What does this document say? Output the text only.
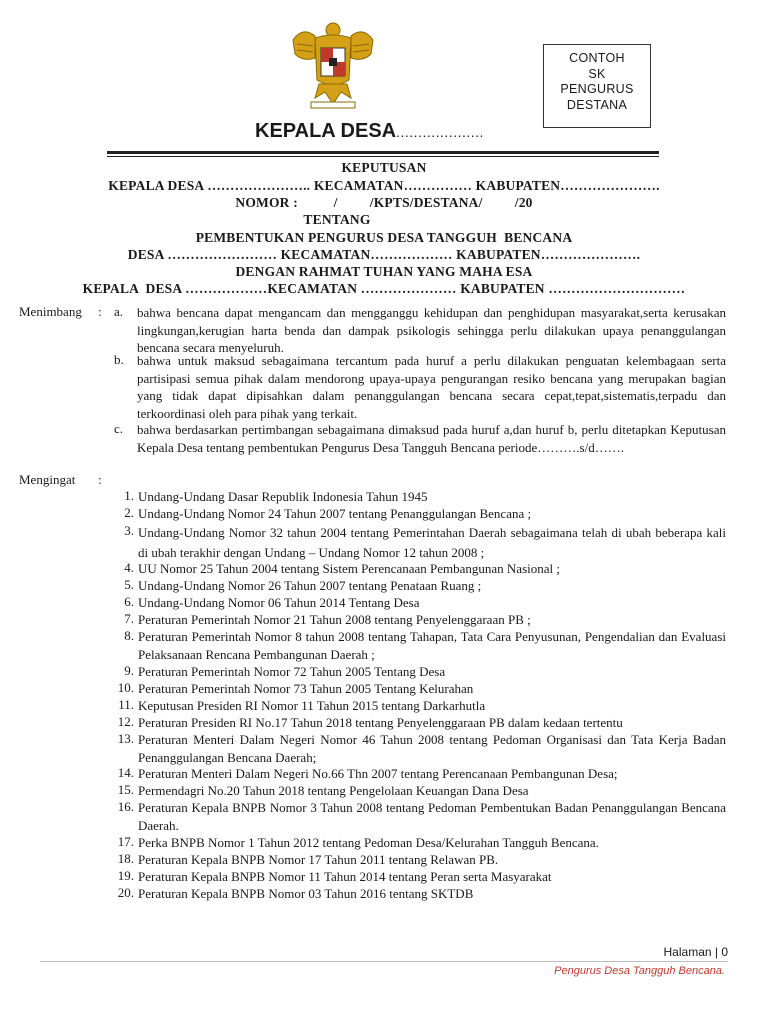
CONTOH
SK
PENGURUS
DESTANA
KEPALA DESA....................
KEPUTUSAN
KEPALA DESA ………………….. KECAMATAN…………… KABUPATEN………………….
NOMOR :          /         /KPTS/DESTANA/         /20
TENTANG
PEMBENTUKAN PENGURUS DESA TANGGUH  BENCANA
DESA …………………… KECAMATAN……………… KABUPATEN………………….
DENGAN RAHMAT TUHAN YANG MAHA ESA
KEPALA  DESA ………………KECAMATAN ………………… KABUPATEN …………………………
Menimbang : a. bahwa bencana dapat mengancam dan mengganggu kehidupan dan penghidupan masyarakat,serta kerusakan lingkungan,kerugian harta benda dan dampak psikologis sehingga perlu dilakukan upaya penanggulangan bencana secara menyeluruh.
b. bahwa untuk maksud sebagaimana tercantum pada huruf a perlu dilakukan penguatan kelembagaan serta partisipasi semua pihak dalam mendorong upaya-upaya pengurangan resiko bencana yang merupakan bagian yang tidak dapat dipisahkan dalam penanggulangan bencana secara cepat,tepat,sistematis,terpadu dan terkoordinasi oleh para pihak yang terkait.
c. bahwa berdasarkan pertimbangan sebagaimana dimaksud pada huruf a,dan huruf b, perlu ditetapkan Keputusan Kepala Desa tentang pembentukan Pengurus Desa Tangguh Bencana periode……….s/d…….
Mengingat :
1. Undang-Undang Dasar Republik Indonesia Tahun 1945
2. Undang-Undang Nomor 24 Tahun 2007 tentang Penanggulangan Bencana ;
3. Undang-Undang Nomor 32 tahun 2004 tentang Pemerintahan Daerah sebagaimana telah di ubah beberapa kali di ubah terakhir dengan Undang – Undang Nomor 12 tahun 2008 ;
4. UU Nomor 25 Tahun 2004 tentang Sistem Perencanaan Pembangunan Nasional ;
5. Undang-Undang Nomor 26 Tahun 2007 tentang Penataan Ruang ;
6. Undang-Undang Nomor 06 Tahun 2014 Tentang Desa
7. Peraturan Pemerintah Nomor 21 Tahun 2008 tentang Penyelenggaraan PB ;
8. Peraturan Pemerintah Nomor 8 tahun 2008 tentang Tahapan, Tata Cara Penyusunan, Pengendalian dan Evaluasi Pelaksanaan Rencana Pembangunan Daerah ;
9. Peraturan Pemerintah Nomor 72 Tahun 2005 Tentang Desa
10. Peraturan Pemerintah Nomor 73 Tahun 2005 Tentang Kelurahan
11. Keputusan Presiden RI Nomor 11 Tahun 2015 tentang Darkarhutla
12. Peraturan Presiden RI No.17 Tahun 2018 tentang Penyelenggaraan PB dalam kedaan tertentu
13. Peraturan Menteri Dalam Negeri Nomor 46 Tahun 2008 tentang Pedoman Organisasi dan Tata Kerja Badan Penanggulangan Bencana Daerah;
14. Peraturan Menteri Dalam Negeri No.66 Thn 2007 tentang Perencanaan Pembangunan Desa;
15. Permendagri No.20 Tahun 2018 tentang Pengelolaan Keuangan Dana Desa
16. Peraturan Kepala BNPB Nomor 3 Tahun 2008 tentang Pedoman Pembentukan Badan Penanggulangan Bencana Daerah.
17. Perka BNPB Nomor 1 Tahun 2012 tentang Pedoman Desa/Kelurahan Tangguh Bencana.
18. Peraturan Kepala BNPB Nomor 17 Tahun 2011 tentang Relawan PB.
19. Peraturan Kepala BNPB Nomor 11 Tahun 2014 tentang Peran serta Masyarakat
20. Peraturan Kepala BNPB Nomor 03 Tahun 2016 tentang SKTDB
Halaman | 0
Pengurus Desa Tangguh Bencana.
